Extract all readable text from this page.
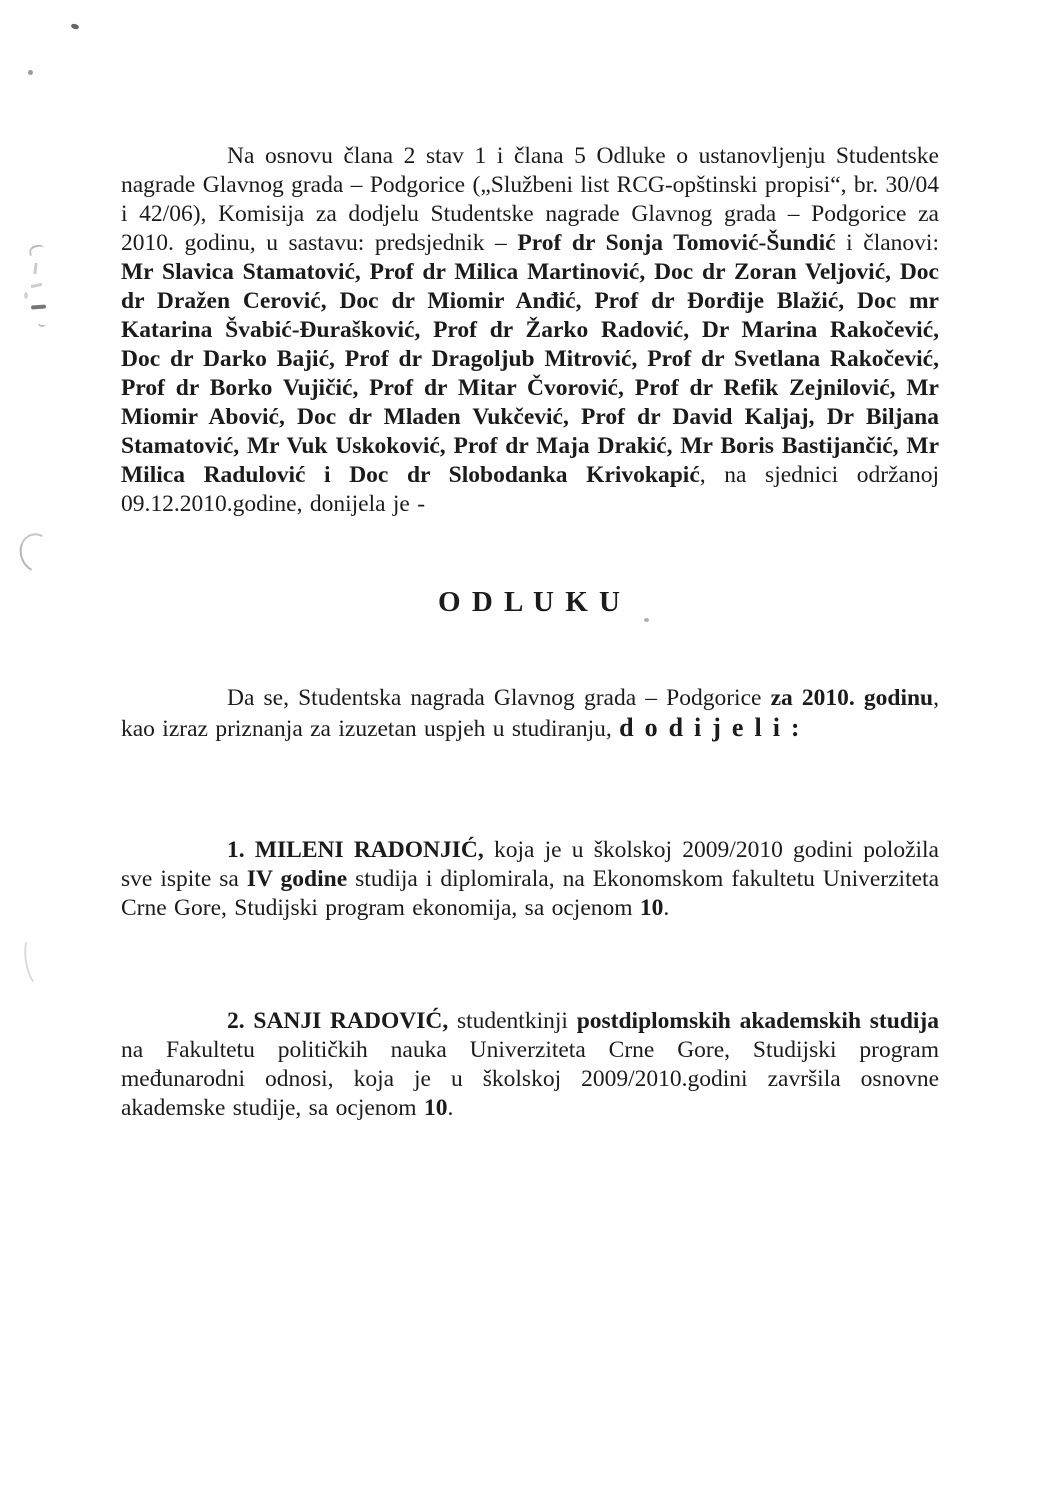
Na osnovu člana 2 stav 1 i člana 5 Odluke o ustanovljenju Studentske nagrade Glavnog grada – Podgorice („Službeni list RCG-opštinski propisi“, br. 30/04 i 42/06), Komisija za dodjelu Studentske nagrade Glavnog grada – Podgorice za 2010. godinu, u sastavu: predsjednik – Prof dr Sonja Tomović-Šundić i članovi: Mr Slavica Stamatović, Prof dr Milica Martinović, Doc dr Zoran Veljović, Doc dr Dražen Cerović, Doc dr Miomir Anđić, Prof dr Đorđije Blažić, Doc mr Katarina Švabić-Đurašković, Prof dr Žarko Radović, Dr Marina Rakočević, Doc dr Darko Bajić, Prof dr Dragoljub Mitrović, Prof dr Svetlana Rakočević, Prof dr Borko Vujičić, Prof dr Mitar Čvorović, Prof dr Refik Zejnilović, Mr Miomir Abović, Doc dr Mladen Vukčević, Prof dr David Kaljaj, Dr Biljana Stamatović, Mr Vuk Uskoković, Prof dr Maja Drakić, Mr Boris Bastijančić, Mr Milica Radulović i Doc dr Slobodanka Krivokapić, na sjednici održanoj 09.12.2010.godine, donijela je -

O D L U K U

Da se, Studentska nagrada Glavnog grada – Podgorice za 2010. godinu, kao izraz priznanja za izuzetan uspjeh u studiranju, d o d i j e l i :

1. MILENI RADONJIĆ, koja je u školskoj 2009/2010 godini položila sve ispite sa IV godine studija i diplomirala, na Ekonomskom fakultetu Univerziteta Crne Gore, Studijski program ekonomija, sa ocjenom 10.

2. SANJI RADOVIĆ, studentkinji postdiplomskih akademskih studija na Fakultetu političkih nauka Univerziteta Crne Gore, Studijski program međunarodni odnosi, koja je u školskoj 2009/2010.godini završila osnovne akademske studije, sa ocjenom 10.
